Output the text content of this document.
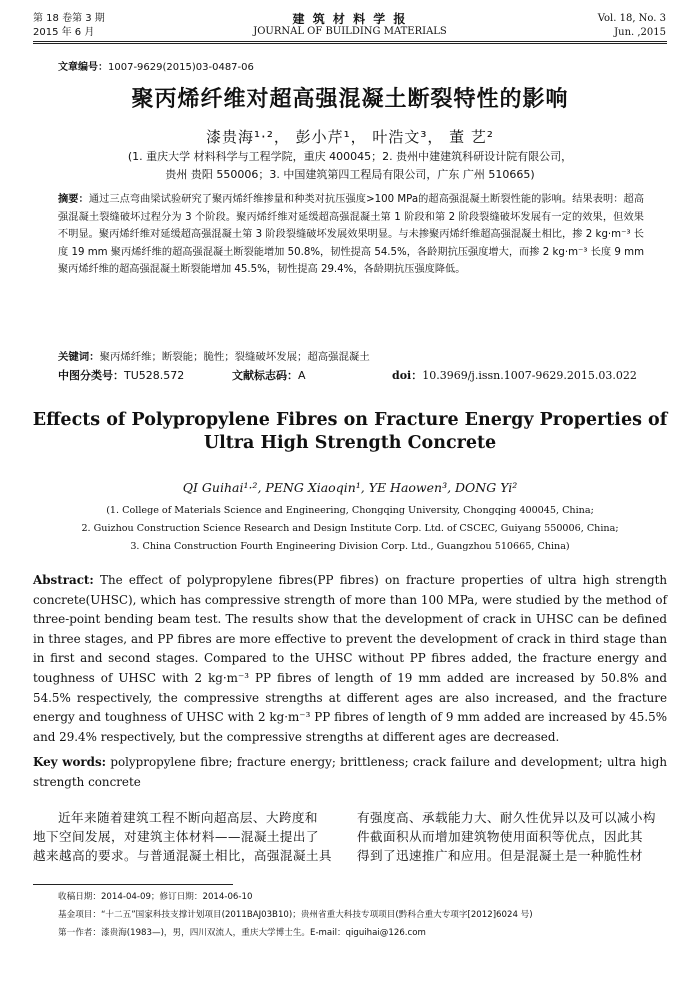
第 18 卷第 3 期
2015 年 6 月
建 筑 材 料 学 报
JOURNAL OF BUILDING MATERIALS
Vol. 18, No. 3
Jun. ,2015
文章编号：1007-9629(2015)03-0487-06
聚丙烯纤维对超高强混凝土断裂特性的影响
漆贵海¹·²， 彭小芹¹， 叶浩文³， 董 艺²
(1. 重庆大学 材料科学与工程学院，重庆 400045；2. 贵州中建建筑科研设计院有限公司，
贵州 贵阳 550006；3. 中国建筑第四工程局有限公司，广东 广州 510665)
摘要：通过三点弯曲梁试验研究了聚丙烯纤维掺量和种类对抗压强度>100 MPa的超高强混凝土断裂性能的影响。结果表明：超高强混凝土裂缝破坏过程分为 3 个阶段。聚丙烯纤维对延缓超高强混凝土第 1 阶段和第 2 阶段裂缝破坏发展有一定的效果，但效果不明显。聚丙烯纤维对延缓超高强混凝土第 3 阶段裂缝破坏发展效果明显。与未掺聚丙烯纤维超高强混凝土相比，掺 2 kg·m⁻³ 长度 19 mm 聚丙烯纤维的超高强混凝土断裂能增加 50.8%，韧性提高 54.5%，各龄期抗压强度增大，而掺 2 kg·m⁻³ 长度 9 mm 聚丙烯纤维的超高强混凝土断裂能增加 45.5%，韧性提高 29.4%，各龄期抗压强度降低。
关键词：聚丙烯纤维；断裂能；脆性；裂缝破坏发展；超高强混凝土
中图分类号：TU528.572	文献标志码：A	doi：10.3969/j.issn.1007-9629.2015.03.022
Effects of Polypropylene Fibres on Fracture Energy Properties of
Ultra High Strength Concrete
QI Guihai¹·², PENG Xiaoqin¹, YE Haowen³, DONG Yi²
(1. College of Materials Science and Engineering, Chongqing University, Chongqing 400045, China;
2. Guizhou Construction Science Research and Design Institute Corp. Ltd. of CSCEC, Guiyang 550006, China;
3. China Construction Fourth Engineering Division Corp. Ltd., Guangzhou 510665, China)
Abstract: The effect of polypropylene fibres(PP fibres) on fracture properties of ultra high strength concrete(UHSC), which has compressive strength of more than 100 MPa, were studied by the method of three-point bending beam test. The results show that the development of crack in UHSC can be defined in three stages, and PP fibres are more effective to prevent the development of crack in third stage than in first and second stages. Compared to the UHSC without PP fibres added, the fracture energy and toughness of UHSC with 2 kg·m⁻³ PP fibres of length of 19 mm added are increased by 50.8% and 54.5% respectively, the compressive strengths at different ages are also increased, and the fracture energy and toughness of UHSC with 2 kg·m⁻³ PP fibres of length of 9 mm added are increased by 45.5% and 29.4% respectively, but the compressive strengths at different ages are decreased.
Key words: polypropylene fibre; fracture energy; brittleness; crack failure and development; ultra high strength concrete
近年来随着建筑工程不断向超高层、大跨度和
地下空间发展，对建筑主体材料——混凝土提出了
越来越高的要求。与普通混凝土相比，高强混凝土具
有强度高、承载能力大、耐久性优异以及可以减小构
件截面积从而增加建筑物使用面积等优点，因此其
得到了迅速推广和应用。但是混凝土是一种脆性材
收稿日期：2014-04-09；修订日期：2014-06-10
基金项目：“十二五”国家科技支撑计划项目(2011BAJ03B10)；贵州省重大科技专项项目(黔科合重大专项字[2012]6024 号)
第一作者：漆贵海(1983—)，男，四川双流人，重庆大学博士生。E-mail：qiguihai@126.com
